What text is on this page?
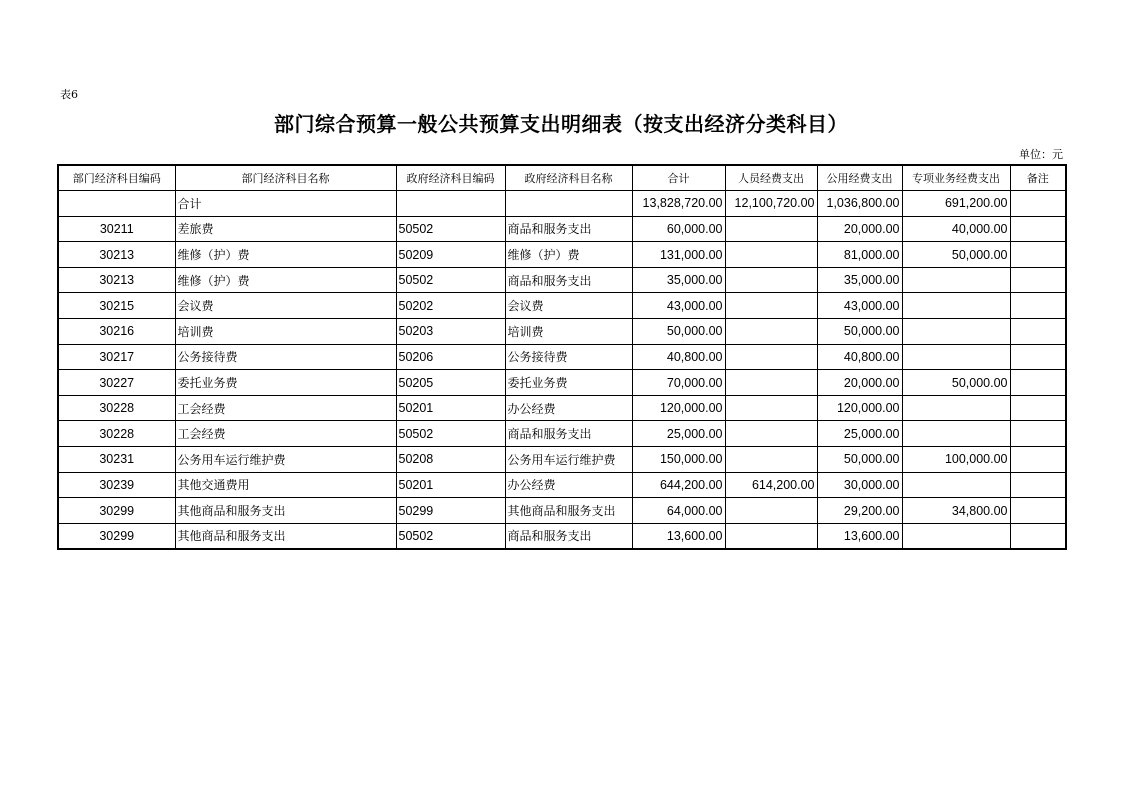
表6
部门综合预算一般公共预算支出明细表（按支出经济分类科目）
单位：元
部门经济科目编码	部门经济科目名称	政府经济科目编码	政府经济科目名称	合计	人员经费支出	公用经费支出	专项业务经费支出	备注
	合计			13,828,720.00	12,100,720.00	1,036,800.00	691,200.00	
30211	差旅费	50502	商品和服务支出	60,000.00		20,000.00	40,000.00	
30213	维修（护）费	50209	维修（护）费	131,000.00		81,000.00	50,000.00	
30213	维修（护）费	50502	商品和服务支出	35,000.00		35,000.00		
30215	会议费	50202	会议费	43,000.00		43,000.00		
30216	培训费	50203	培训费	50,000.00		50,000.00		
30217	公务接待费	50206	公务接待费	40,800.00		40,800.00		
30227	委托业务费	50205	委托业务费	70,000.00		20,000.00	50,000.00	
30228	工会经费	50201	办公经费	120,000.00		120,000.00		
30228	工会经费	50502	商品和服务支出	25,000.00		25,000.00		
30231	公务用车运行维护费	50208	公务用车运行维护费	150,000.00		50,000.00	100,000.00	
30239	其他交通费用	50201	办公经费	644,200.00	614,200.00	30,000.00		
30299	其他商品和服务支出	50299	其他商品和服务支出	64,000.00		29,200.00	34,800.00	
30299	其他商品和服务支出	50502	商品和服务支出	13,600.00		13,600.00		
